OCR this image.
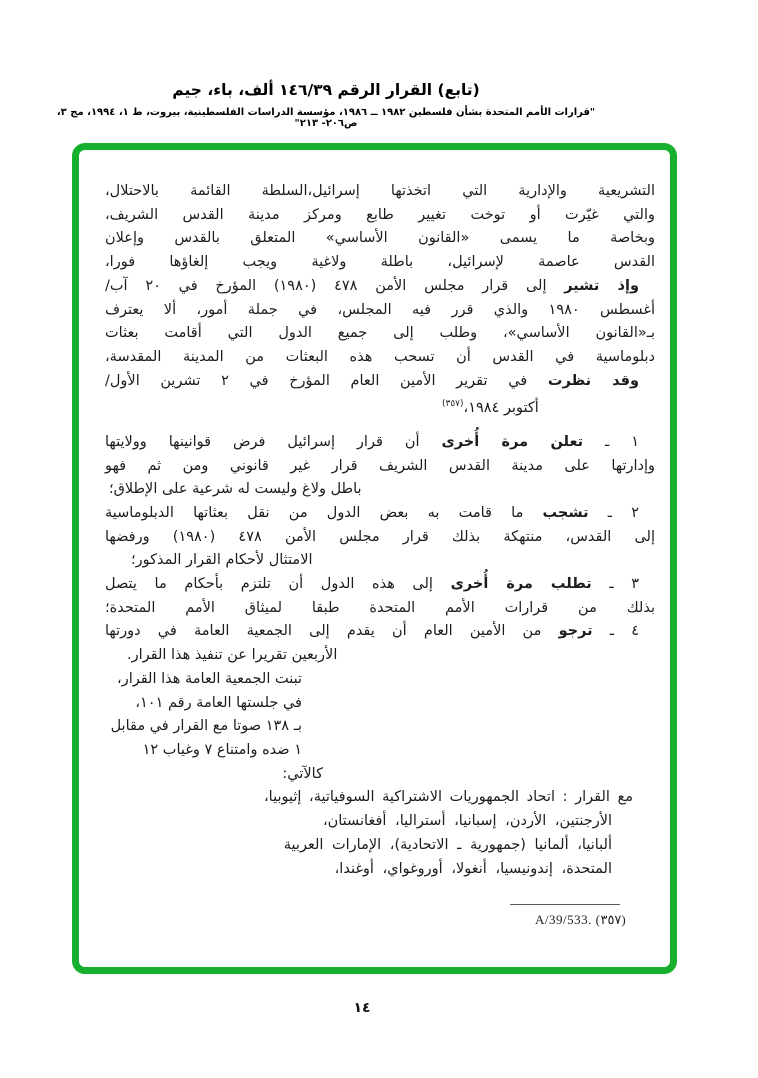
(تابع) القرار الرقم ١٤٦/٣٩ ألف، باء، جيم
"قرارات الأمم المتحدة بشأن فلسطين ١٩٨٢ ــ ١٩٨٦، مؤسسة الدراسات الفلسطينية، بيروت، ط ١، ١٩٩٤، مج ٣، ص٢٠٦- ٢١٣"
التشريعية والإدارية التي اتخذتها إسرائيل،السلطة القائمة بالاحتلال،
والتي غيّرت أو توخت تغيير طابع ومركز مدينة القدس الشريف،
وبخاصة ما يسمى «القانون الأساسي» المتعلق بالقدس وإعلان
القدس عاصمة لإسرائيل، باطلة ولاغية ويجب إلغاؤها فورا،
وإذ تشير إلى قرار مجلس الأمن ٤٧٨ (١٩٨٠) المؤرخ في ٢٠ آب/
أغسطس ١٩٨٠ والذي قرر فيه المجلس، في جملة أمور، ألا يعترف
بـ«القانون الأساسي»، وطلب إلى جميع الدول التي أقامت بعثات
دبلوماسية في القدس أن تسحب هذه البعثات من المدينة المقدسة،
وقد نظرت في تقرير الأمين العام المؤرخ في ٢ تشرين الأول/
أكتوبر ١٩٨٤،$^{(٣٥٧)}$
١ ـ تعلن مرة أُخرى أن قرار إسرائيل فرض قوانينها وولايتها
وإدارتها على مدينة القدس الشريف قرار غير قانوني ومن ثم فهو
باطل ولاغ وليست له شرعية على الإطلاق؛
٢ ـ تشجب ما قامت به بعض الدول من نقل بعثاتها الدبلوماسية
إلى القدس، منتهكة بذلك قرار مجلس الأمن ٤٧٨ (١٩٨٠) ورفضها
الامتثال لأحكام القرار المذكور؛
٣ ـ تطلب مرة أُخرى إلى هذه الدول أن تلتزم بأحكام ما يتصل
بذلك من قرارات الأمم المتحدة طبقا لميثاق الأمم المتحدة؛
٤ ـ ترجو من الأمين العام أن يقدم إلى الجمعية العامة في دورتها
الأربعين تقريرا عن تنفيذ هذا القرار.
تبنت الجمعية العامة هذا القرار،
في جلستها العامة رقم ١٠١،
بـ ١٣٨ صوتا مع القرار في مقابل
١ ضده وامتناع ٧ وغياب ١٢
كالآتي:
مع القرار : اتحاد الجمهوريات الاشتراكية السوفياتية، إثيوبيا،
الأرجنتين، الأردن، إسبانيا، أستراليا، أفغانستان،
ألبانيا، ألمانيا (جمهورية ـ الاتحادية)، الإمارات العربية
المتحدة، إندونيسيا، أنغولا، أوروغواي، أوغندا،
A/39/533. (٣٥٧)
١٤
